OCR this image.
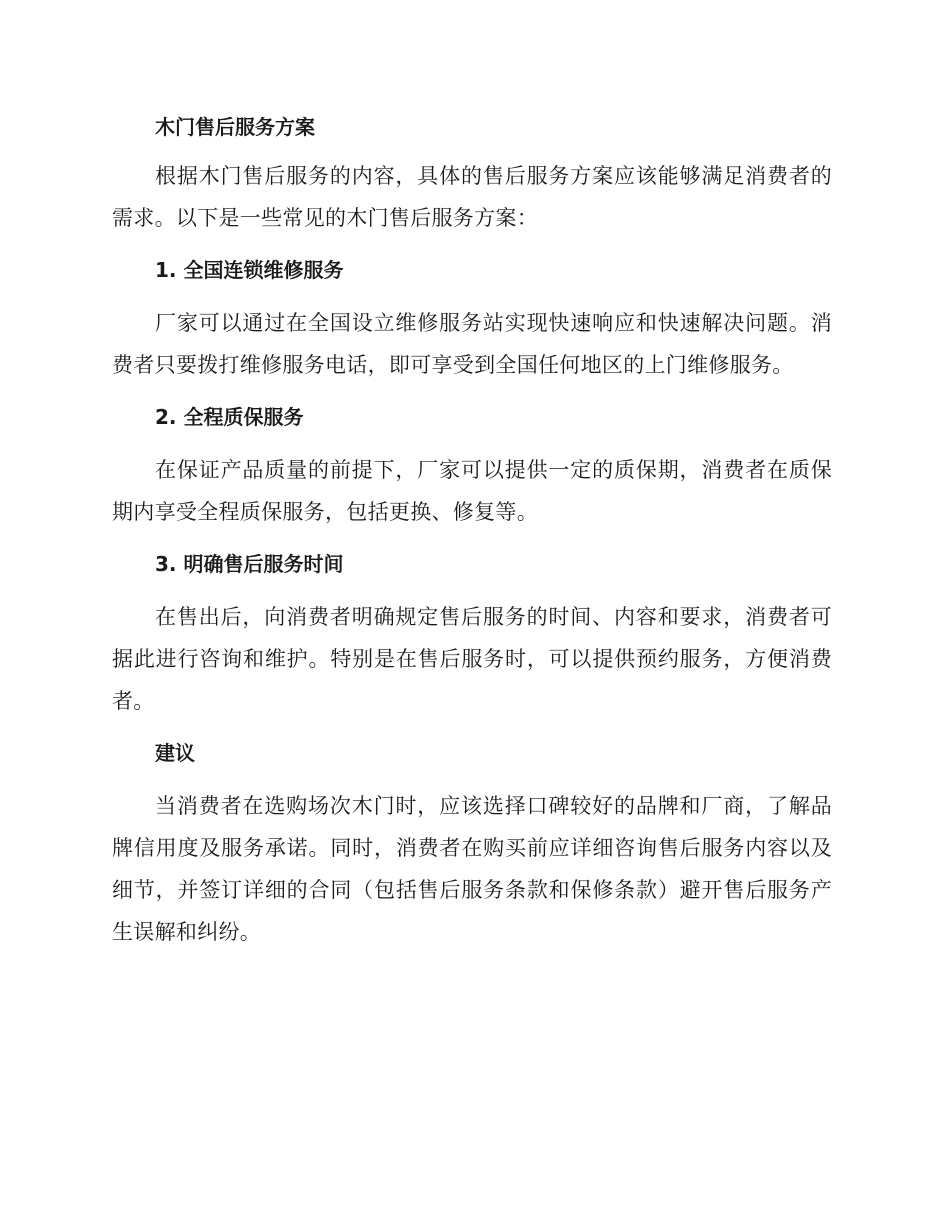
木门售后服务方案

根据木门售后服务的内容，具体的售后服务方案应该能够满足消费者的需求。以下是一些常见的木门售后服务方案：

1. 全国连锁维修服务

厂家可以通过在全国设立维修服务站实现快速响应和快速解决问题。消费者只要拨打维修服务电话，即可享受到全国任何地区的上门维修服务。

2. 全程质保服务

在保证产品质量的前提下，厂家可以提供一定的质保期，消费者在质保期内享受全程质保服务，包括更换、修复等。

3. 明确售后服务时间

在售出后，向消费者明确规定售后服务的时间、内容和要求，消费者可据此进行咨询和维护。特别是在售后服务时，可以提供预约服务，方便消费者。

建议

当消费者在选购场次木门时，应该选择口碑较好的品牌和厂商，了解品牌信用度及服务承诺。同时，消费者在购买前应详细咨询售后服务内容以及细节，并签订详细的合同（包括售后服务条款和保修条款）避开售后服务产生误解和纠纷。
